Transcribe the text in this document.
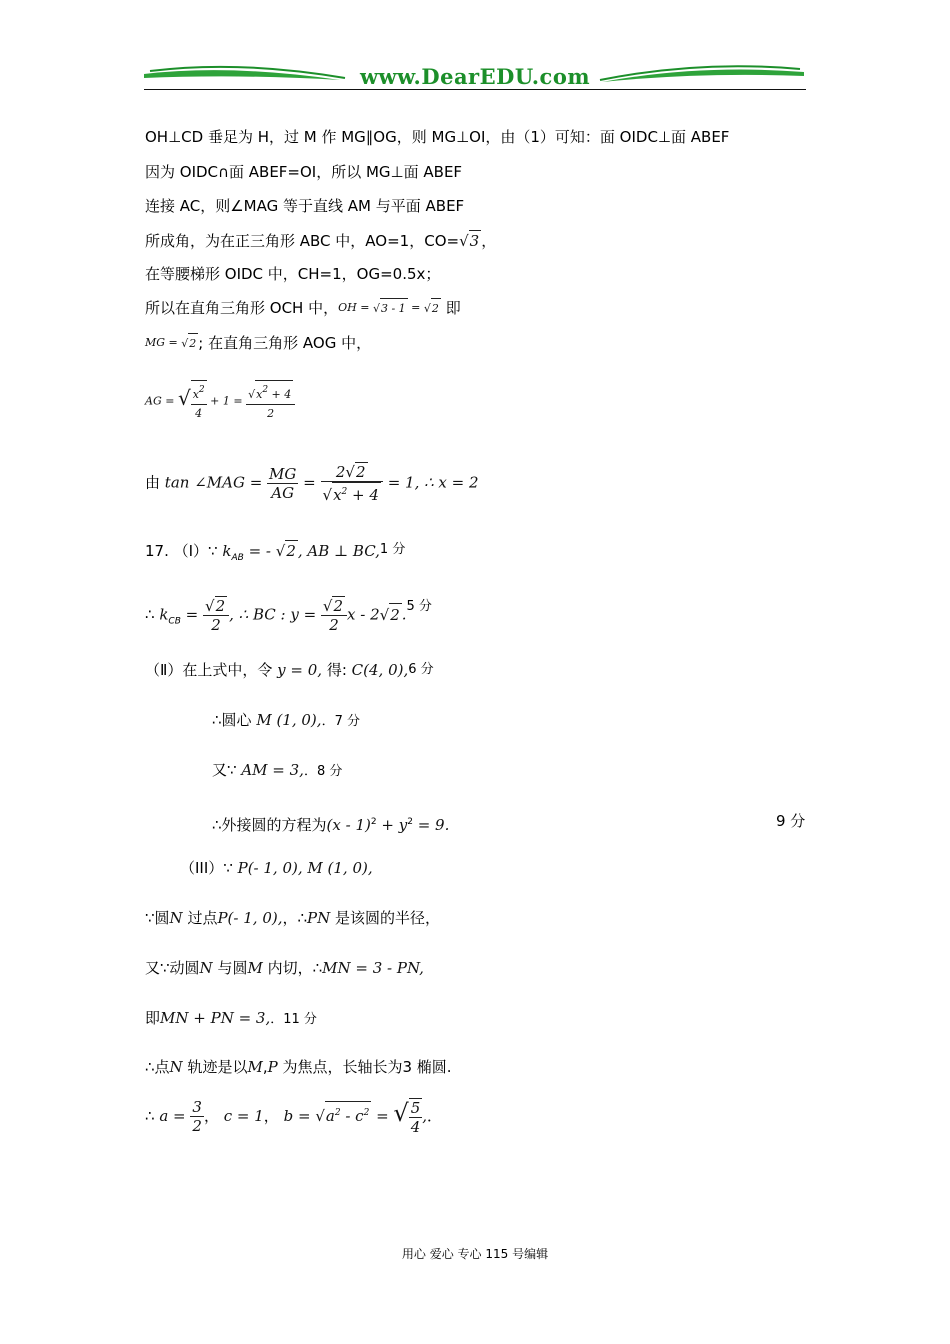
www.DearEDU.com
OH⊥CD 垂足为 H，过 M 作 MG∥OG，则 MG⊥OI，由（1）可知：面 OIDC⊥面 ABEF
因为 OIDC∩面 ABEF=OI，所以 MG⊥面 ABEF
连接 AC，则∠MAG 等于直线 AM 与平面 ABEF
所成角，为在正三角形 ABC 中，AO=1，CO=√3 ，
在等腰梯形 OIDC 中，CH=1，OG=0.5x；
所以在直角三角形 OCH 中，$^{OH}$ = $^{√3 - 1}$ = $^{√2}$ 即
$^{MG}$ = $^{√2}$ ; 在直角三角形 AOG 中，
AG = √ $\frac{x^2}{4} + 1 = \frac{√x^2 + 4}{2}$
由 tan ∠MAG = $\frac{MG}{AG} = \frac{2√2}{√x^2 + 4} = 1$, ∴ x = 2
17. （Ⅰ）∵ $k_{AB}$ = - √2 , AB ⊥ BC,1 分
∴ $k_{CB} = \frac{√2}{2}$ , ∴ BC : $y = \frac{√2}{2}$ x - 2√2 .5 分
（Ⅱ）在上式中，令 y = 0, 得: C(4, 0),6 分
∴圆心 M (1, 0),．7 分
又∵ AM = 3,．8 分
∴外接圆的方程为$(x - 1)^2 + y^2 = 9$.	9 分
（III）∵ P(- 1, 0), M (1, 0),
∵圆N 过点P(- 1, 0),，∴PN 是该圆的半径，
又∵动圆N 与圆M 内切，∴MN = 3 - PN,
即MN + PN = 3,．11 分
∴点N 轨迹是以M,P 为焦点，长轴长为3 椭圆.
∴ $a = \frac{3}{2}$ ， c = 1， $b = √a^2 - c^2$ = √ $\frac{5}{4}$ ,．
用心 爱心 专心 115 号编辑
